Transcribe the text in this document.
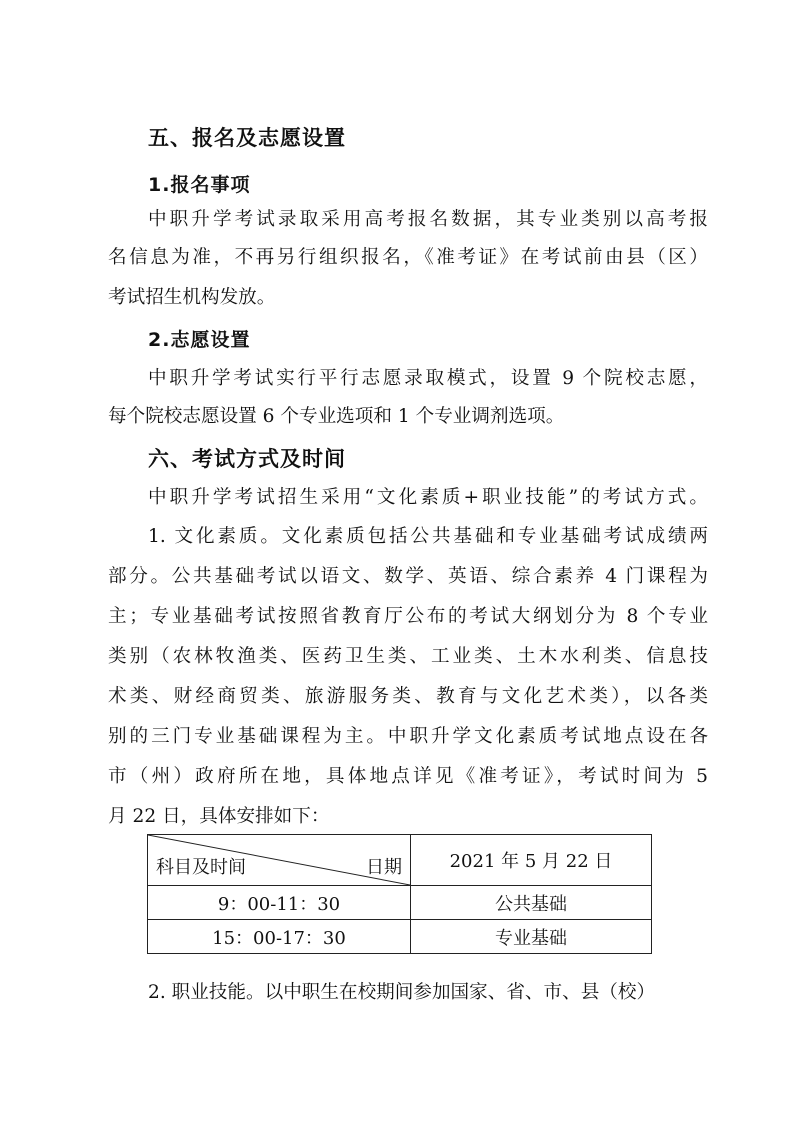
五、报名及志愿设置
1.报名事项
中职升学考试录取采用高考报名数据，其专业类别以高考报
名信息为准，不再另行组织报名，《准考证》在考试前由县（区）
考试招生机构发放。
2.志愿设置
中职升学考试实行平行志愿录取模式，设置 9 个院校志愿，
每个院校志愿设置 6 个专业选项和 1 个专业调剂选项。
六、考试方式及时间
中职升学考试招生采用“文化素质+职业技能”的考试方式。
1. 文化素质。文化素质包括公共基础和专业基础考试成绩两
部分。公共基础考试以语文、数学、英语、综合素养 4 门课程为
主；专业基础考试按照省教育厅公布的考试大纲划分为 8 个专业
类别（农林牧渔类、医药卫生类、工业类、土木水利类、信息技
术类、财经商贸类、旅游服务类、教育与文化艺术类），以各类
别的三门专业基础课程为主。中职升学文化素质考试地点设在各
市（州）政府所在地，具体地点详见《准考证》，考试时间为 5
月 22 日，具体安排如下：
科目及时间 日期	2021 年 5 月 22 日
9：00-11：30	公共基础
15：00-17：30	专业基础
2. 职业技能。以中职生在校期间参加国家、省、市、县（校）
